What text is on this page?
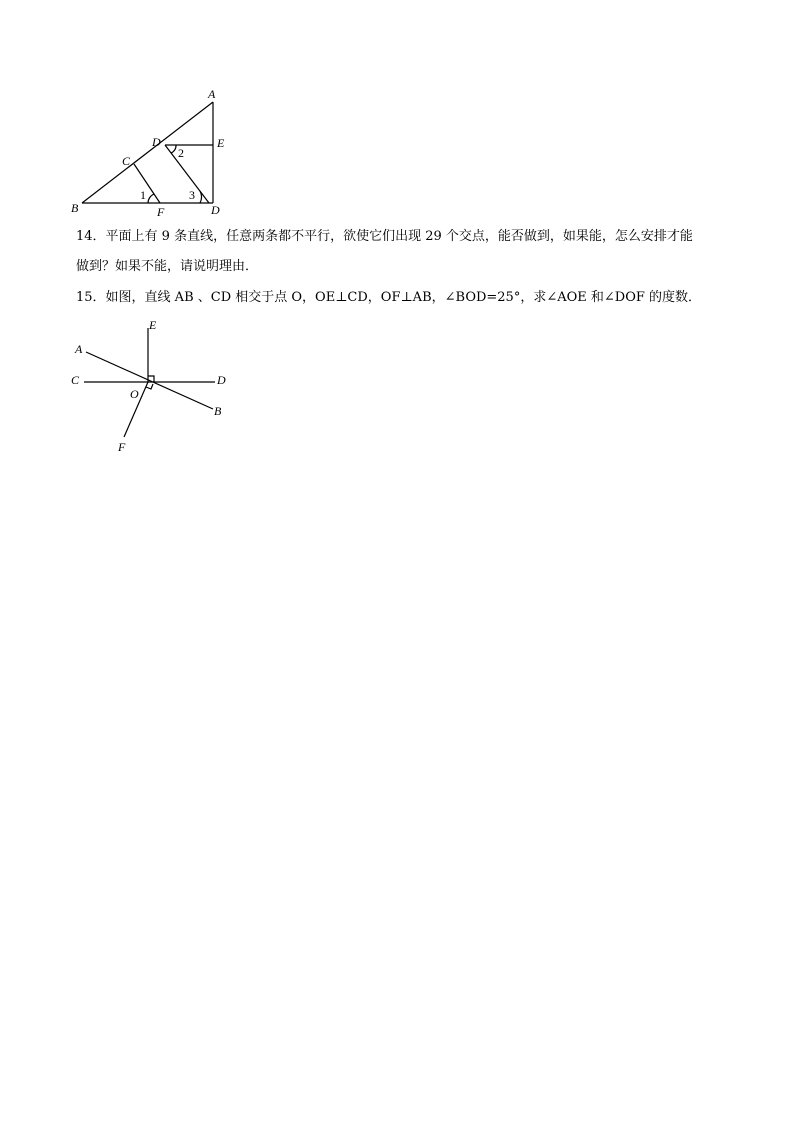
A
B
C
D
D
E
F
1
2
3
14．平面上有 9 条直线，任意两条都不平行，欲使它们出现 29 个交点，能否做到，如果能，怎么安排才能
做到？如果不能，请说明理由．
15．如图，直线 AB 、CD 相交于点 O，OE⊥CD，OF⊥AB，∠BOD=25°，求∠AOE 和∠DOF 的度数．
E
A
C	D
O
B
F
